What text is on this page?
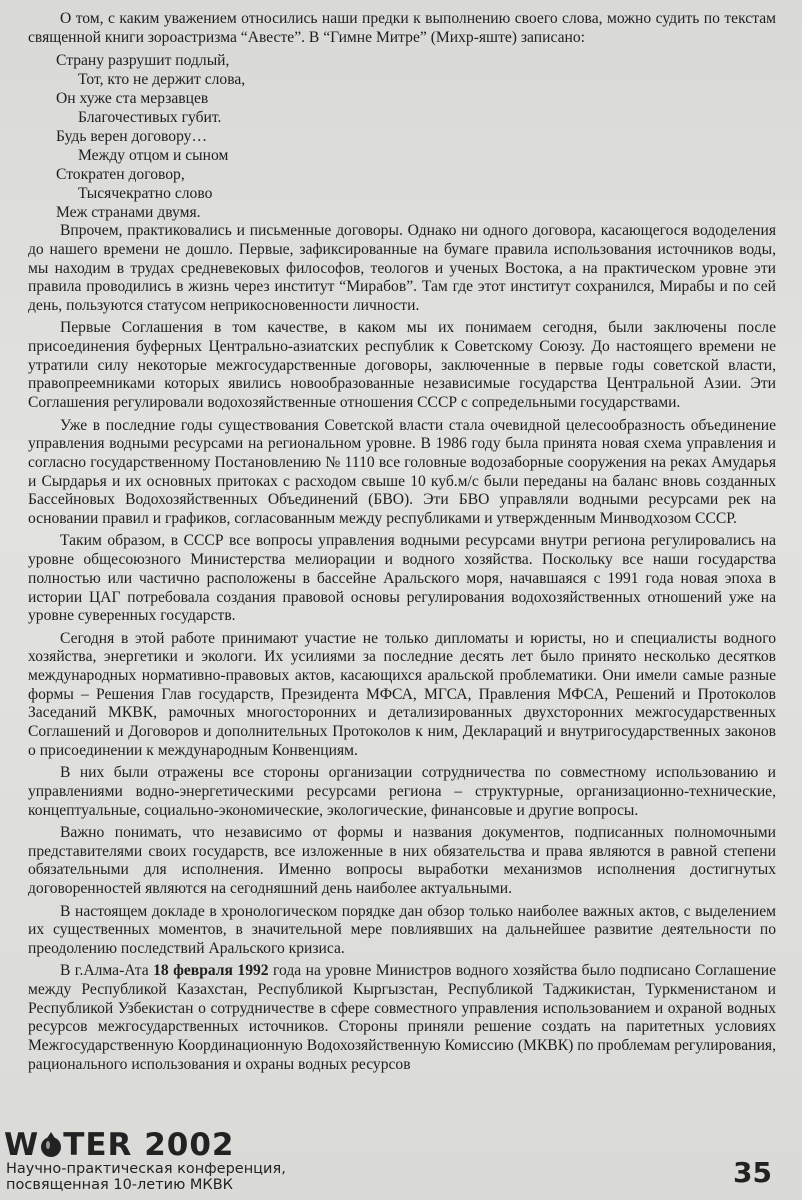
О том, с каким уважением относились наши предки к выполнению своего слова, можно судить по текстам священной книги зороастризма “Авесте”. В “Гимне Митре” (Михр-яште) записано:

Страну разрушит подлый,
Тот, кто не держит слова,
Он хуже ста мерзавцев
Благочестивых губит.
Будь верен договору…
Между отцом и сыном
Стократен договор,
Тысячекратно слово
Меж странами двумя.

Впрочем, практиковались и письменные договоры. Однако ни одного договора, касающегося вододеления до нашего времени не дошло. Первые, зафиксированные на бумаге правила использования источников воды, мы находим в трудах средневековых философов, теологов и ученых Востока, а на практическом уровне эти правила проводились в жизнь через институт “Мирабов”. Там где этот институт сохранился, Мирабы и по сей день, пользуются статусом неприкосновенности личности.

Первые Соглашения в том качестве, в каком мы их понимаем сегодня, были заключены после присоединения буферных Центрально-азиатских республик к Советскому Союзу. До настоящего времени не утратили силу некоторые межгосударственные договоры, заключенные в первые годы советской власти, правопреемниками которых явились новообразованные независимые государства Центральной Азии. Эти Соглашения регулировали водохозяйственные отношения СССР с сопредельными государствами.

Уже в последние годы существования Советской власти стала очевидной целесообразность объединение управления водными ресурсами на региональном уровне. В 1986 году была принята новая схема управления и согласно государственному Постановлению № 1110 все головные водозаборные сооружения на реках Амударья и Сырдарья и их основных притоках с расходом свыше 10 куб.м/с были переданы на баланс вновь созданных Бассейновых Водохозяйственных Объединений (БВО). Эти БВО управляли водными ресурсами рек на основании правил и графиков, согласованным между республиками и утвержденным Минводхозом СССР.

Таким образом, в СССР все вопросы управления водными ресурсами внутри региона регулировались на уровне общесоюзного Министерства мелиорации и водного хозяйства. Поскольку все наши государства полностью или частично расположены в бассейне Аральского моря, начавшаяся с 1991 года новая эпоха в истории ЦАГ потребовала создания правовой основы регулирования водохозяйственных отношений уже на уровне суверенных государств.

Сегодня в этой работе принимают участие не только дипломаты и юристы, но и специалисты водного хозяйства, энергетики и экологи. Их усилиями за последние десять лет было принято несколько десятков международных нормативно-правовых актов, касающихся аральской проблематики. Они имели самые разные формы – Решения Глав государств, Президента МФСА, МГСА, Правления МФСА, Решений и Протоколов Заседаний МКВК, рамочных многосторонних и детализированных двухсторонних межгосударственных Соглашений и Договоров и дополнительных Протоколов к ним, Деклараций и внутригосударственных законов о присоединении к международным Конвенциям.

В них были отражены все стороны организации сотрудничества по совместному использованию и управлениями водно-энергетическими ресурсами региона – структурные, организационно-технические, концептуальные, социально-экономические, экологические, финансовые и другие вопросы.

Важно понимать, что независимо от формы и названия документов, подписанных полномочными представителями своих государств, все изложенные в них обязательства и права являются в равной степени обязательными для исполнения. Именно вопросы выработки механизмов исполнения достигнутых договоренностей являются на сегодняшний день наиболее актуальными.

В настоящем докладе в хронологическом порядке дан обзор только наиболее важных актов, с выделением их существенных моментов, в значительной мере повлиявших на дальнейшее развитие деятельности по преодолению последствий Аральского кризиса.

В г.Алма-Ата 18 февраля 1992 года на уровне Министров водного хозяйства было подписано Соглашение между Республикой Казахстан, Республикой Кыргызстан, Республикой Таджикистан, Туркменистаном и Республикой Узбекистан о сотрудничестве в сфере совместного управления использованием и охраной водных ресурсов межгосударственных источников. Стороны приняли решение создать на паритетных условиях Межгосударственную Координационную Водохозяйственную Комиссию (МКВК) по проблемам регулирования, рационального использования и охраны водных ресурсов

W TER 2002
Научно-практическая конференция,
посвященная 10-летию МКВК	35
